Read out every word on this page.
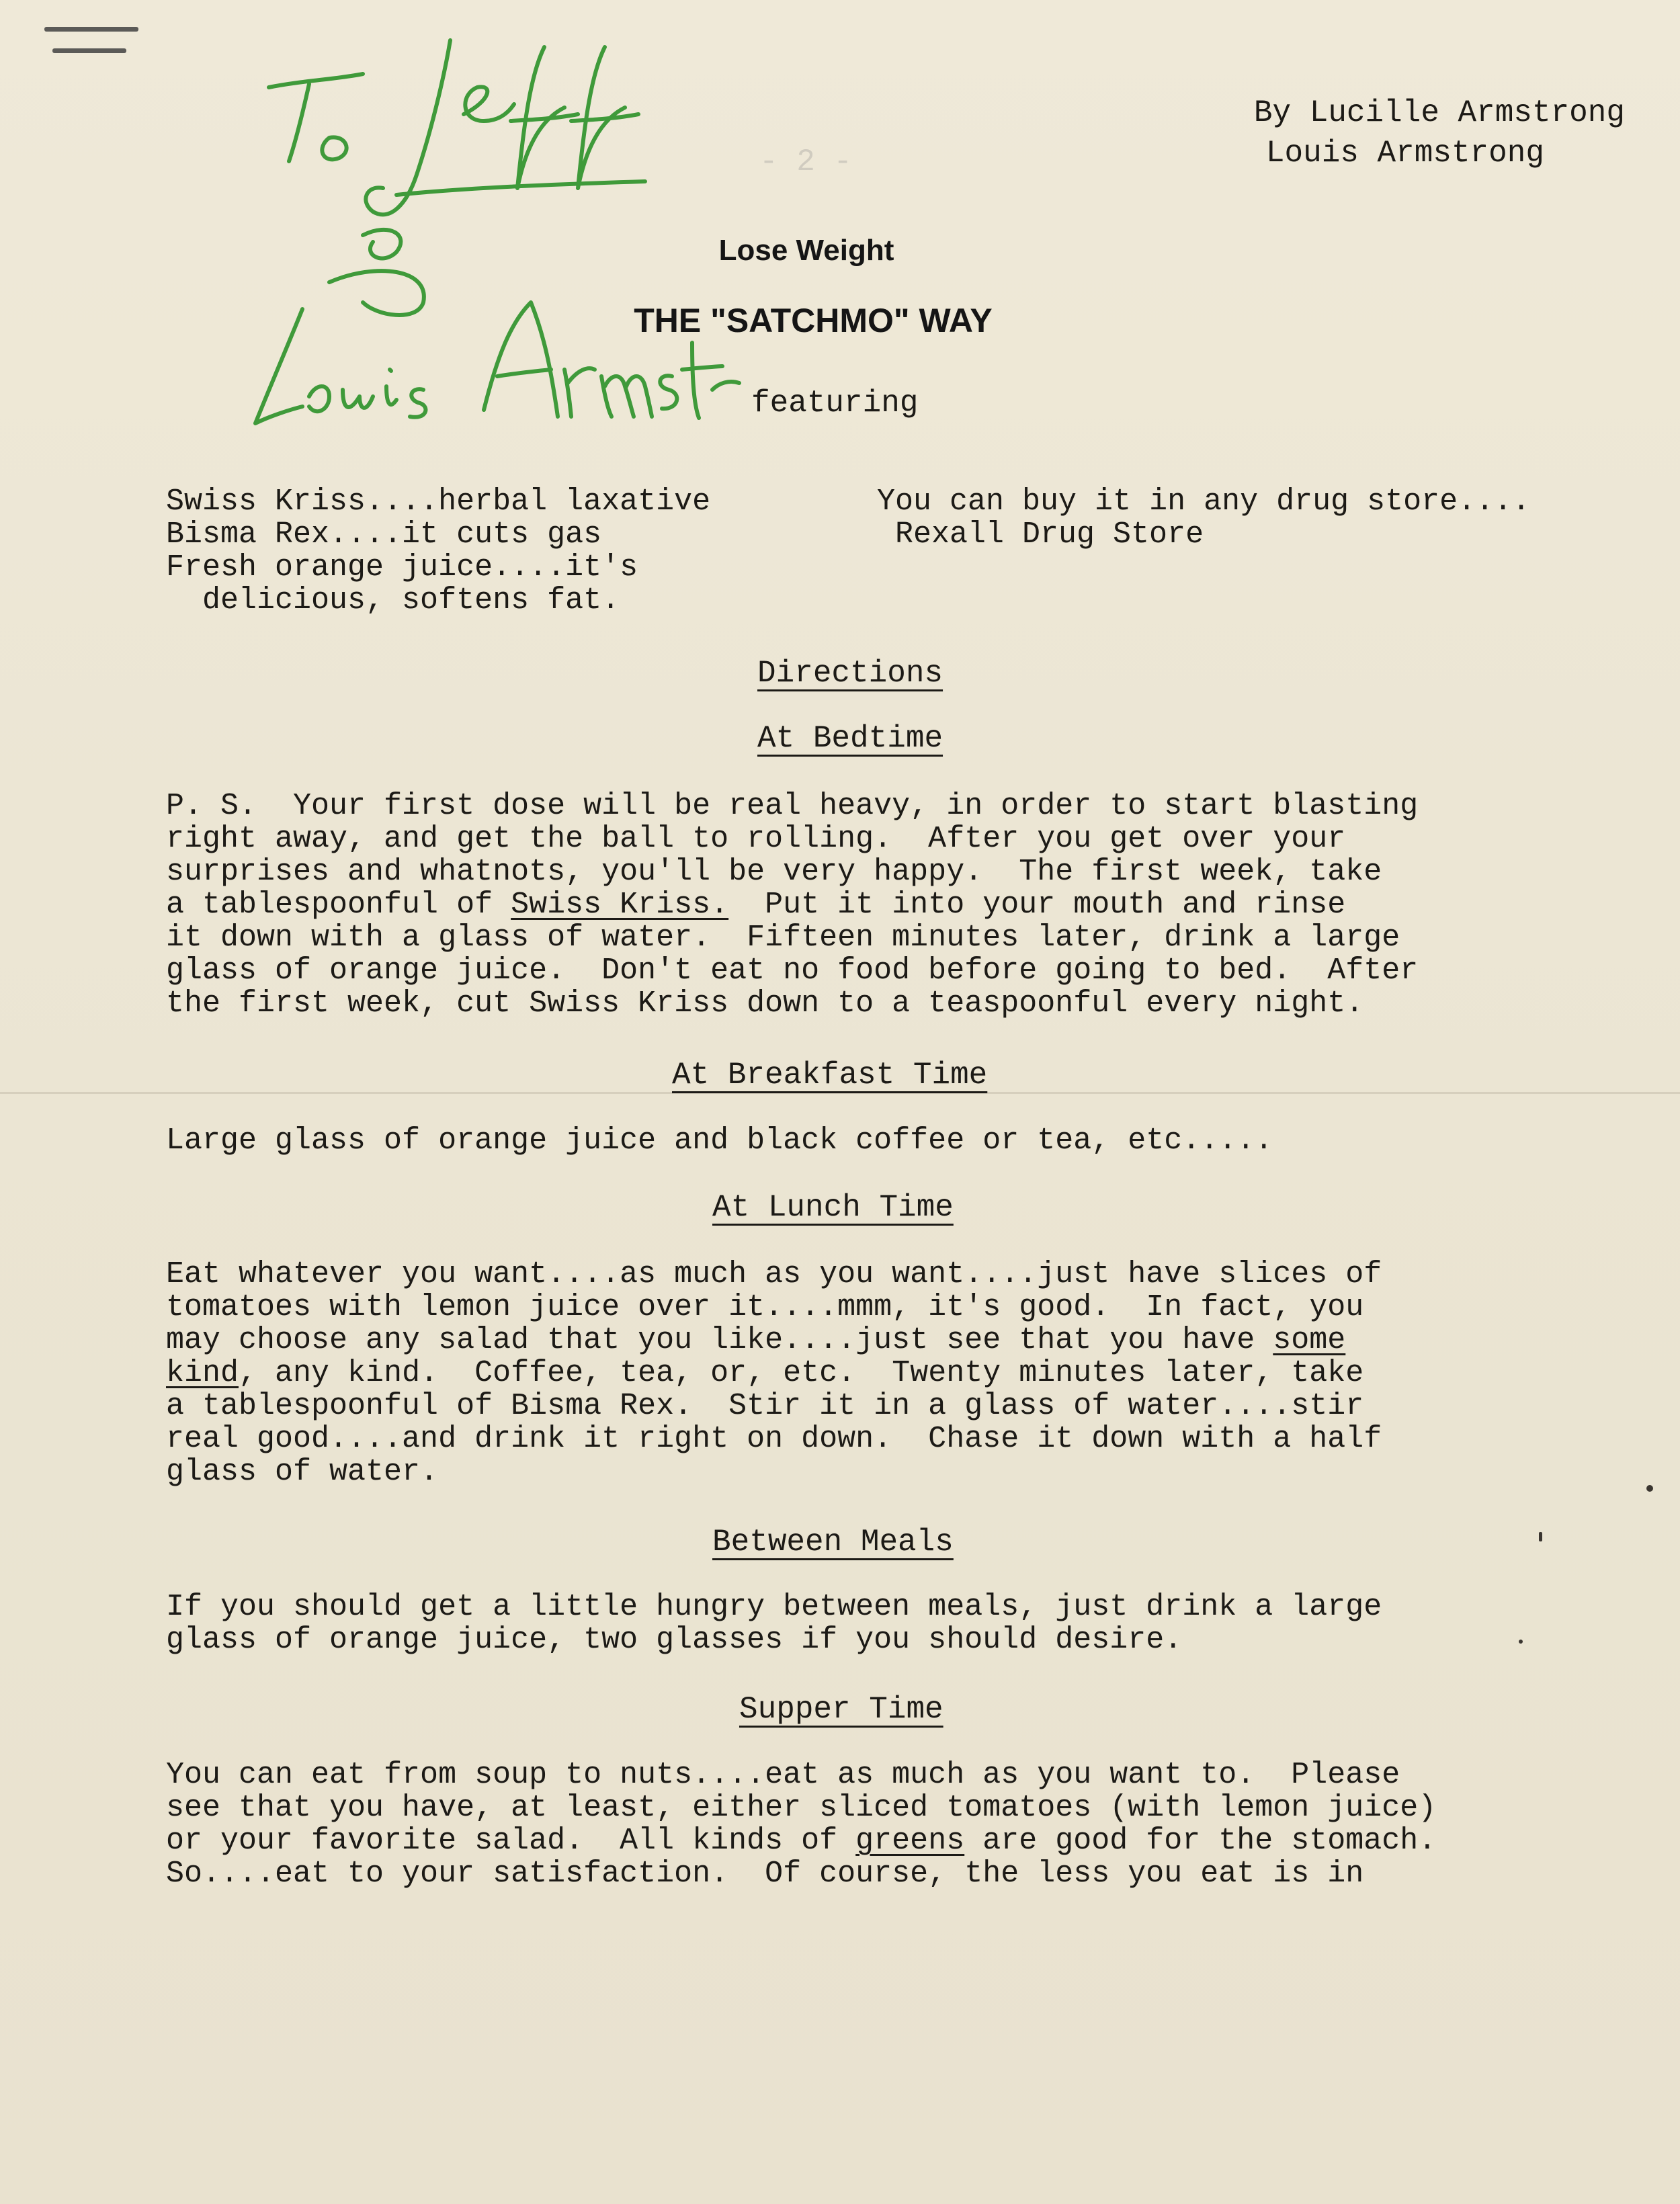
- 2 -
By Lucille Armstrong
Louis Armstrong
Lose Weight
THE "SATCHMO" WAY
featuring
Swiss Kriss....herbal laxative
Bisma Rex....it cuts gas
Fresh orange juice....it's
delicious, softens fat.
You can buy it in any drug store....
Rexall Drug Store
Directions
At Bedtime
P. S.  Your first dose will be real heavy, in order to start blasting
right away, and get the ball to rolling.  After you get over your
surprises and whatnots, you'll be very happy.  The first week, take
a tablespoonful of Swiss Kriss.  Put it into your mouth and rinse
it down with a glass of water.  Fifteen minutes later, drink a large
glass of orange juice.  Don't eat no food before going to bed.  After
the first week, cut Swiss Kriss down to a teaspoonful every night.
At Breakfast Time
Large glass of orange juice and black coffee or tea, etc.....
At Lunch Time
Eat whatever you want....as much as you want....just have slices of
tomatoes with lemon juice over it....mmm, it's good.  In fact, you
may choose any salad that you like....just see that you have some
kind, any kind.  Coffee, tea, or, etc.  Twenty minutes later, take
a tablespoonful of Bisma Rex.  Stir it in a glass of water....stir
real good....and drink it right on down.  Chase it down with a half
glass of water.
Between Meals
If you should get a little hungry between meals, just drink a large
glass of orange juice, two glasses if you should desire.
Supper Time
You can eat from soup to nuts....eat as much as you want to.  Please
see that you have, at least, either sliced tomatoes (with lemon juice)
or your favorite salad.  All kinds of greens are good for the stomach.
So....eat to your satisfaction.  Of course, the less you eat is in
